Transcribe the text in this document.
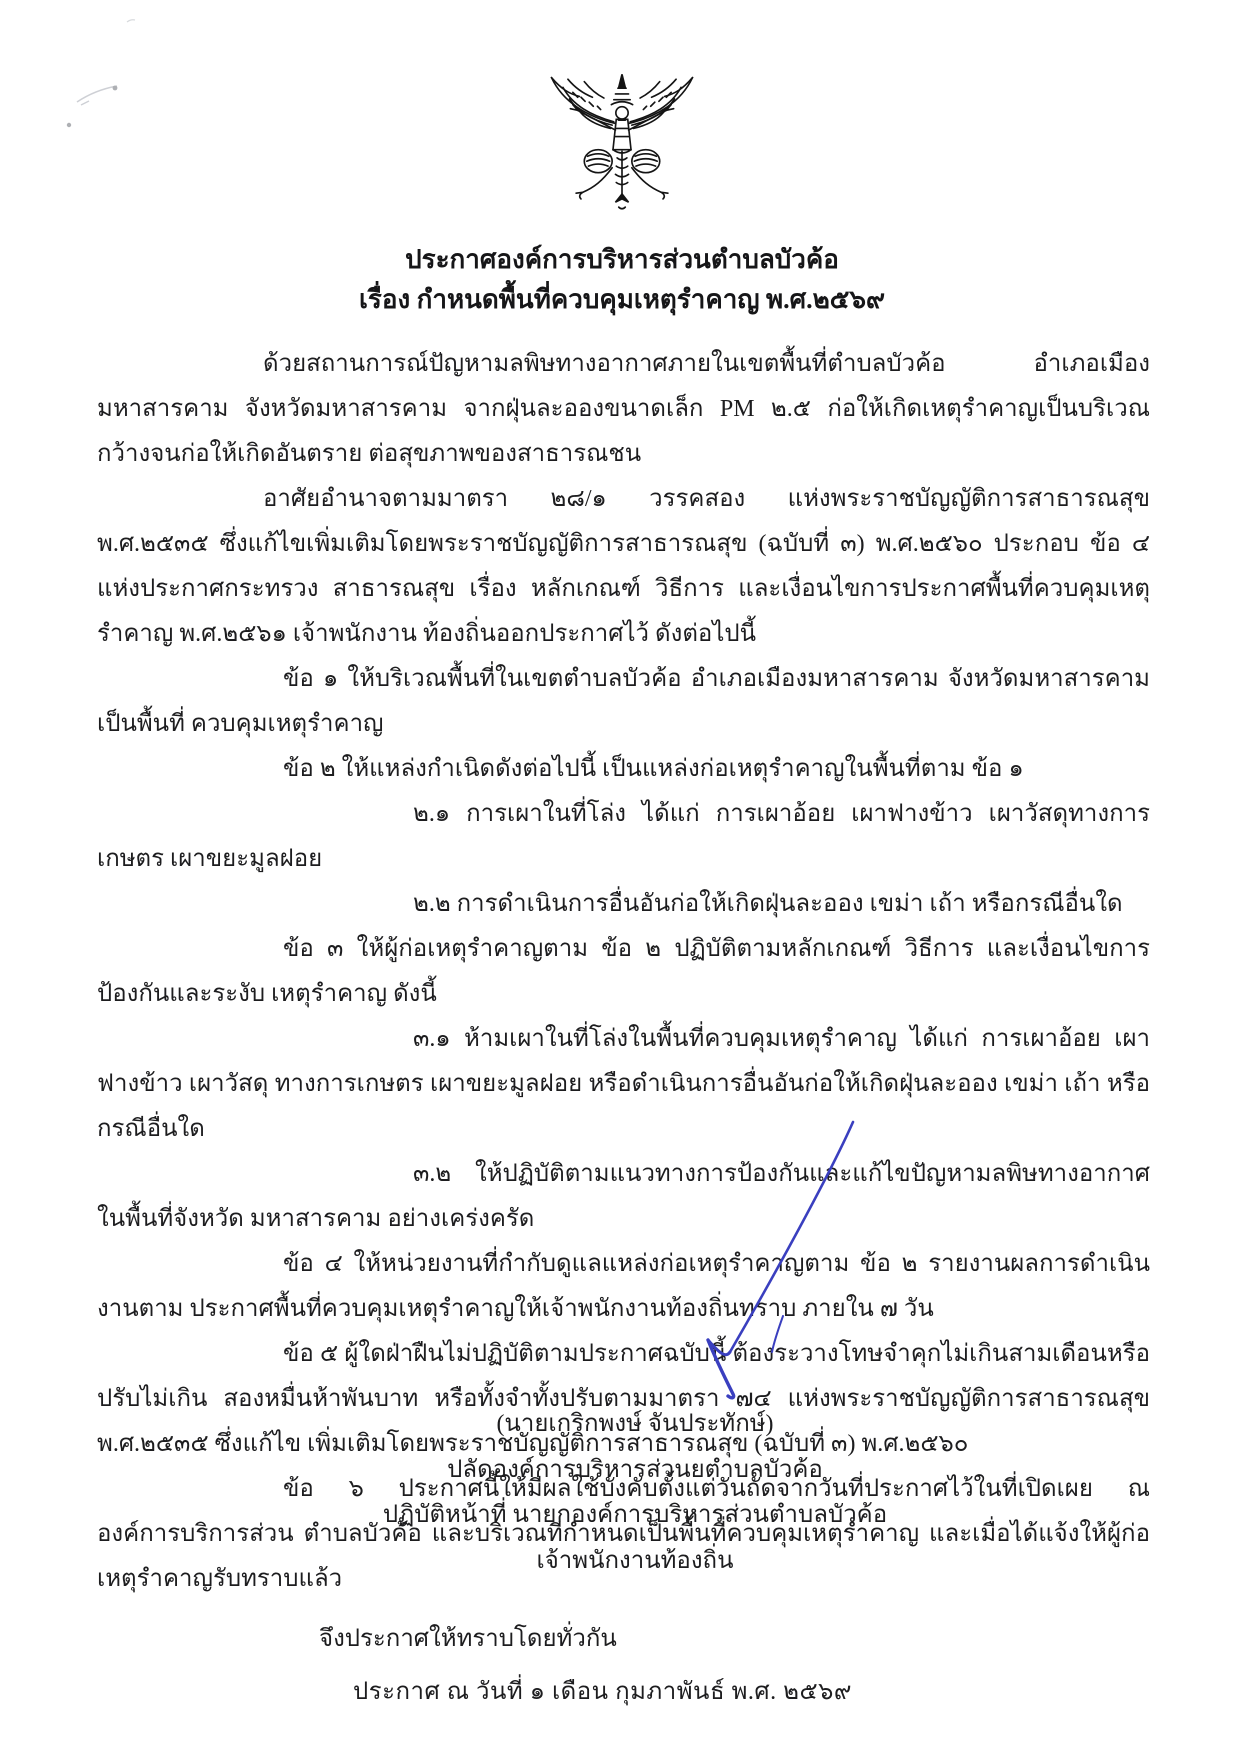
ประกาศองค์การบริหารส่วนตำบลบัวค้อ
เรื่อง กำหนดพื้นที่ควบคุมเหตุรำคาญ พ.ศ.๒๕๖๙

ด้วยสถานการณ์ปัญหามลพิษทางอากาศภายในเขตพื้นที่ตำบลบัวค้อ อำเภอเมืองมหาสารคาม จังหวัดมหาสารคาม จากฝุ่นละอองขนาดเล็ก PM ๒.๕ ก่อให้เกิดเหตุรำคาญเป็นบริเวณกว้างจนก่อให้เกิดอันตราย ต่อสุขภาพของสาธารณชน

อาศัยอำนาจตามมาตรา ๒๘/๑ วรรคสอง แห่งพระราชบัญญัติการสาธารณสุข พ.ศ.๒๕๓๕ ซึ่งแก้ไขเพิ่มเติมโดยพระราชบัญญัติการสาธารณสุข (ฉบับที่ ๓) พ.ศ.๒๕๖๐ ประกอบ ข้อ ๔ แห่งประกาศกระทรวง สาธารณสุข เรื่อง หลักเกณฑ์ วิธีการ และเงื่อนไขการประกาศพื้นที่ควบคุมเหตุรำคาญ พ.ศ.๒๕๖๑ เจ้าพนักงาน ท้องถิ่นออกประกาศไว้ ดังต่อไปนี้

ข้อ ๑ ให้บริเวณพื้นที่ในเขตตำบลบัวค้อ อำเภอเมืองมหาสารคาม จังหวัดมหาสารคาม เป็นพื้นที่ ควบคุมเหตุรำคาญ

ข้อ ๒ ให้แหล่งกำเนิดดังต่อไปนี้ เป็นแหล่งก่อเหตุรำคาญในพื้นที่ตาม ข้อ ๑

๒.๑ การเผาในที่โล่ง ได้แก่ การเผาอ้อย เผาฟางข้าว เผาวัสดุทางการเกษตร เผาขยะมูลฝอย

๒.๒ การดำเนินการอื่นอันก่อให้เกิดฝุ่นละออง เขม่า เถ้า หรือกรณีอื่นใด

ข้อ ๓ ให้ผู้ก่อเหตุรำคาญตาม ข้อ ๒ ปฏิบัติตามหลักเกณฑ์ วิธีการ และเงื่อนไขการป้องกันและระงับ เหตุรำคาญ ดังนี้

๓.๑ ห้ามเผาในที่โล่งในพื้นที่ควบคุมเหตุรำคาญ ได้แก่ การเผาอ้อย เผาฟางข้าว เผาวัสดุ ทางการเกษตร เผาขยะมูลฝอย หรือดำเนินการอื่นอันก่อให้เกิดฝุ่นละออง เขม่า เถ้า หรือกรณีอื่นใด

๓.๒ ให้ปฏิบัติตามแนวทางการป้องกันและแก้ไขปัญหามลพิษทางอากาศในพื้นที่จังหวัด มหาสารคาม อย่างเคร่งครัด

ข้อ ๔ ให้หน่วยงานที่กำกับดูแลแหล่งก่อเหตุรำคาญตาม ข้อ ๒ รายงานผลการดำเนินงานตาม ประกาศพื้นที่ควบคุมเหตุรำคาญให้เจ้าพนักงานท้องถิ่นทราบ ภายใน ๗ วัน

ข้อ ๕ ผู้ใดฝ่าฝืนไม่ปฏิบัติตามประกาศฉบับนี้ ต้องระวางโทษจำคุกไม่เกินสามเดือนหรือปรับไม่เกิน สองหมื่นห้าพันบาท หรือทั้งจำทั้งปรับตามมาตรา ๗๔ แห่งพระราชบัญญัติการสาธารณสุข พ.ศ.๒๕๓๕ ซึ่งแก้ไข เพิ่มเติมโดยพระราชบัญญัติการสาธารณสุข (ฉบับที่ ๓) พ.ศ.๒๕๖๐

ข้อ ๖ ประกาศนี้ให้มีผลใช้บังคับตั้งแต่วันถัดจากวันที่ประกาศไว้ในที่เปิดเผย ณ องค์การบริการส่วน ตำบลบัวค้อ และบริเวณที่กำหนดเป็นพื้นที่ควบคุมเหตุรำคาญ และเมื่อได้แจ้งให้ผู้ก่อเหตุรำคาญรับทราบแล้ว

จึงประกาศให้ทราบโดยทั่วกัน

ประกาศ ณ วันที่ ๑ เดือน กุมภาพันธ์ พ.ศ. ๒๕๖๙

(นายเกริกพงษ์ จันประทักษ์)
ปลัดองค์การบริหารส่วนยตำบลบัวค้อ
ปฏิบัติหน้าที่ นายกองค์การบริหารส่วนตำบลบัวค้อ
เจ้าพนักงานท้องถิ่น
